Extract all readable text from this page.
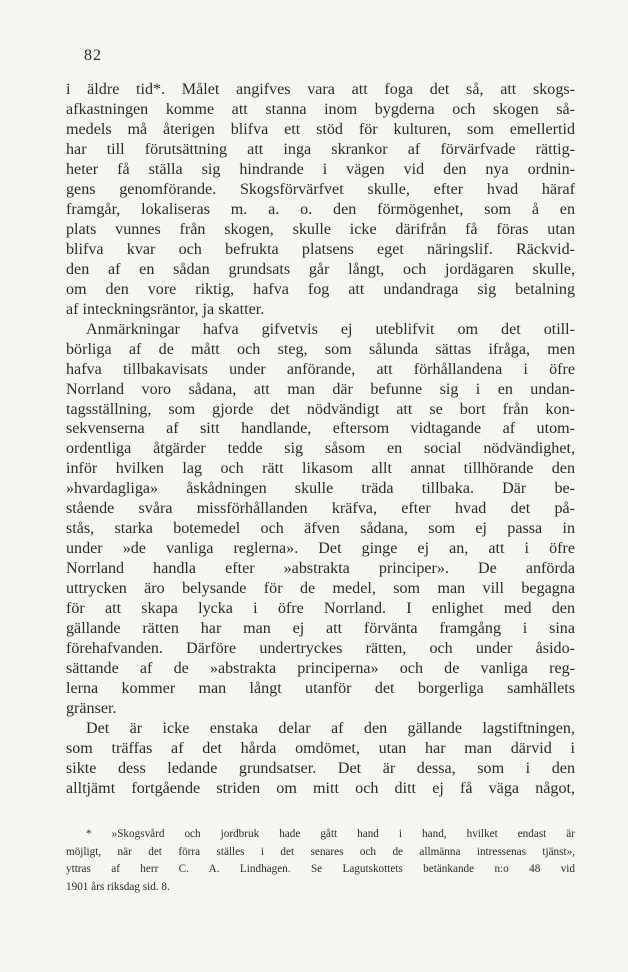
82
i äldre tid*. Målet angifves vara att foga det så, att skogs-
afkastningen komme att stanna inom bygderna och skogen så-
medels må återigen blifva ett stöd för kulturen, som emellertid
har till förutsättning att inga skrankor af förvärfvade rättig-
heter få ställa sig hindrande i vägen vid den nya ordnin-
gens genomförande. Skogsförvärfvet skulle, efter hvad häraf
framgår, lokaliseras m. a. o. den förmögenhet, som å en
plats vunnes från skogen, skulle icke därifrån få föras utan
blifva kvar och befrukta platsens eget näringslif. Räckvid-
den af en sådan grundsats går långt, och jordägaren skulle,
om den vore riktig, hafva fog att undandraga sig betalning
af inteckningsräntor, ja skatter.
Anmärkningar hafva gifvetvis ej uteblifvit om det otill-
börliga af de mått och steg, som sålunda sättas ifråga, men
hafva tillbakavisats under anförande, att förhållandena i öfre
Norrland voro sådana, att man där befunne sig i en undan-
tagsställning, som gjorde det nödvändigt att se bort från kon-
sekvenserna af sitt handlande, eftersom vidtagande af utom-
ordentliga åtgärder tedde sig såsom en social nödvändighet,
inför hvilken lag och rätt likasom allt annat tillhörande den
»hvardagliga» åskådningen skulle träda tillbaka. Där be-
stående svåra missförhållanden kräfva, efter hvad det på-
stås, starka botemedel och äfven sådana, som ej passa in
under »de vanliga reglerna». Det ginge ej an, att i öfre
Norrland handla efter »abstrakta principer». De anförda
uttrycken äro belysande för de medel, som man vill begagna
för att skapa lycka i öfre Norrland. I enlighet med den
gällande rätten har man ej att förvänta framgång i sina
förehafvanden. Därföre undertryckes rätten, och under åsido-
sättande af de »abstrakta principerna» och de vanliga reg-
lerna kommer man långt utanför det borgerliga samhällets
gränser.
Det är icke enstaka delar af den gällande lagstiftningen,
som träffas af det hårda omdömet, utan har man därvid i
sikte dess ledande grundsatser. Det är dessa, som i den
alltjämt fortgående striden om mitt och ditt ej få väga något,
* »Skogsvård och jordbruk hade gått hand i hand, hvilket endast är
möjligt, när det förra ställes i det senares och de allmänna intressenas tjänst»,
yttras af herr C. A. Lindhagen. Se Lagutskottets betänkande n:o 48 vid
1901 års riksdag sid. 8.
